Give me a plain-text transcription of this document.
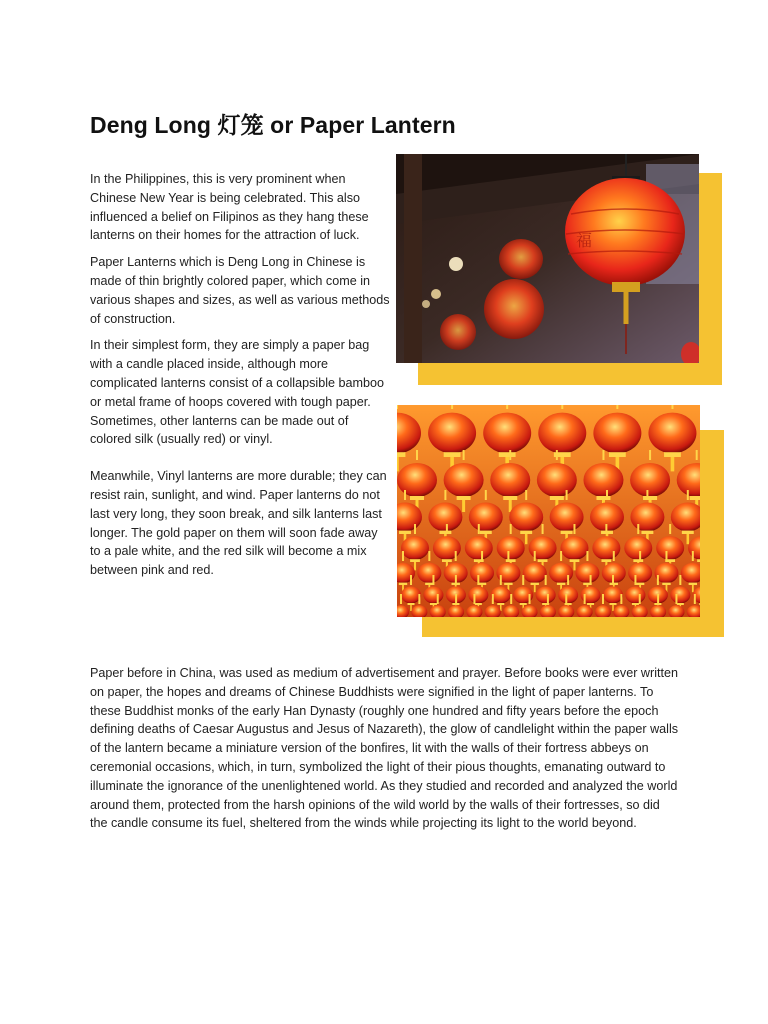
Deng Long 灯笼 or Paper Lantern

In the Philippines, this is very prominent when Chinese New Year is being celebrated. This also influenced a belief on Filipinos as they hang these lanterns on their homes for the attraction of luck.

Paper Lanterns which is Deng Long in Chinese is made of thin brightly colored paper, which come in various shapes and sizes, as well as various methods of construction.

In their simplest form, they are simply a paper bag with a candle placed inside, although more complicated lanterns consist of a collapsible bamboo or metal frame of hoops covered with tough paper. Sometimes, other lanterns can be made out of colored silk (usually red) or vinyl.

Meanwhile, Vinyl lanterns are more durable; they can resist rain, sunlight, and wind. Paper lanterns do not last very long, they soon break, and silk lanterns last longer. The gold paper on them will soon fade away to a pale white, and the red silk will become a mix between pink and red.

福

Paper before in China, was used as medium of advertisement and prayer. Before books were ever written on paper, the hopes and dreams of Chinese Buddhists were signified in the light of paper lanterns. To these Buddhist monks of the early Han Dynasty (roughly one hundred and fifty years before the epoch defining deaths of Caesar Augustus and Jesus of Nazareth), the glow of candlelight within the paper walls of the lantern became a miniature version of the bonfires, lit with the walls of their fortress abbeys on ceremonial occasions, which, in turn, symbolized the light of their pious thoughts, emanating outward to illuminate the ignorance of the unenlightened world. As they studied and recorded and analyzed the world around them, protected from the harsh opinions of the wild world by the walls of their fortresses, so did the candle consume its fuel, sheltered from the winds while projecting its light to the world beyond.
